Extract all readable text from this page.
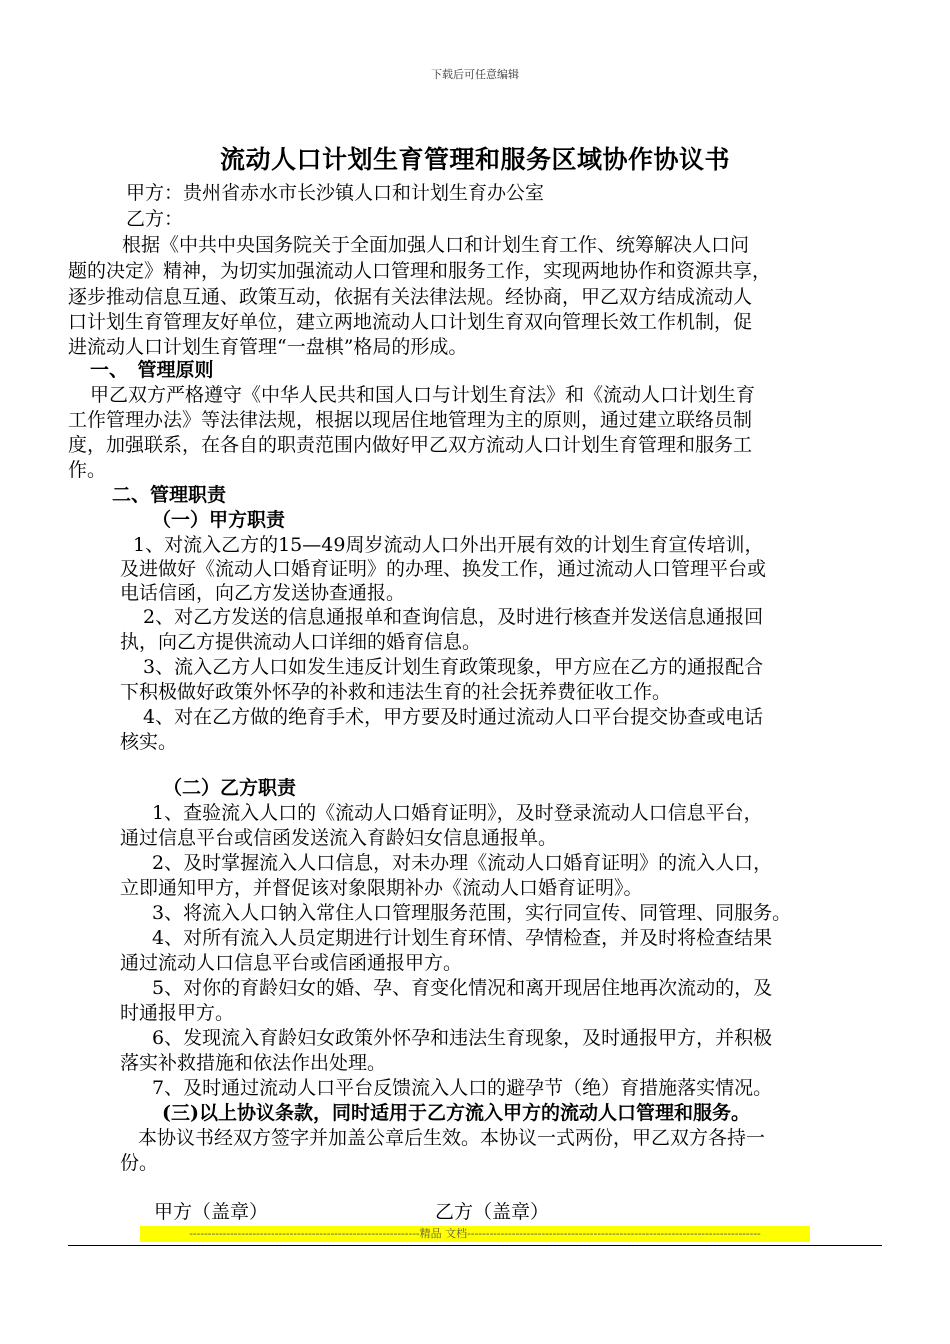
下载后可任意编辑
流动人口计划生育管理和服务区域协作协议书
甲方：贵州省赤水市长沙镇人口和计划生育办公室
乙方：
根据《中共中央国务院关于全面加强人口和计划生育工作、统筹解决人口问
题的决定》精神，为切实加强流动人口管理和服务工作，实现两地协作和资源共享，
逐步推动信息互通、政策互动，依据有关法律法规。经协商，甲乙双方结成流动人
口计划生育管理友好单位，建立两地流动人口计划生育双向管理长效工作机制，促
进流动人口计划生育管理“一盘棋”格局的形成。
一、　管理原则
甲乙双方严格遵守《中华人民共和国人口与计划生育法》和《流动人口计划生育
工作管理办法》等法律法规，根据以现居住地管理为主的原则，通过建立联络员制
度，加强联系，在各自的职责范围内做好甲乙双方流动人口计划生育管理和服务工
作。
二、管理职责
（一）甲方职责
1、对流入乙方的15—49周岁流动人口外出开展有效的计划生育宣传培训，
及进做好《流动人口婚育证明》的办理、换发工作，通过流动人口管理平台或
电话信函，向乙方发送协查通报。
2、对乙方发送的信息通报单和查询信息，及时进行核查并发送信息通报回
执，向乙方提供流动人口详细的婚育信息。
3、流入乙方人口如发生违反计划生育政策现象，甲方应在乙方的通报配合
下积极做好政策外怀孕的补救和违法生育的社会抚养费征收工作。
4、对在乙方做的绝育手术，甲方要及时通过流动人口平台提交协查或电话
核实。
（二）乙方职责
1、查验流入人口的《流动人口婚育证明》，及时登录流动人口信息平台，
通过信息平台或信函发送流入育龄妇女信息通报单。
2、及时掌握流入人口信息，对未办理《流动人口婚育证明》的流入人口，
立即通知甲方，并督促该对象限期补办《流动人口婚育证明》。
3、将流入人口钠入常住人口管理服务范围，实行同宣传、同管理、同服务。
4、对所有流入人员定期进行计划生育环情、孕情检查，并及时将检查结果
通过流动人口信息平台或信函通报甲方。
5、对你的育龄妇女的婚、孕、育变化情况和离开现居住地再次流动的，及
时通报甲方。
6、发现流入育龄妇女政策外怀孕和违法生育现象，及时通报甲方，并积极
落实补救措施和依法作出处理。
7、及时通过流动人口平台反馈流入人口的避孕节（绝）育措施落实情况。
(三)以上协议条款，同时适用于乙方流入甲方的流动人口管理和服务。
本协议书经双方签字并加盖公章后生效。本协议一式两份，甲乙双方各持一
份。
甲方（盖章）	乙方（盖章）
--------------------------------------------------------------精品 文档-------------------------------------------------------------------------------
